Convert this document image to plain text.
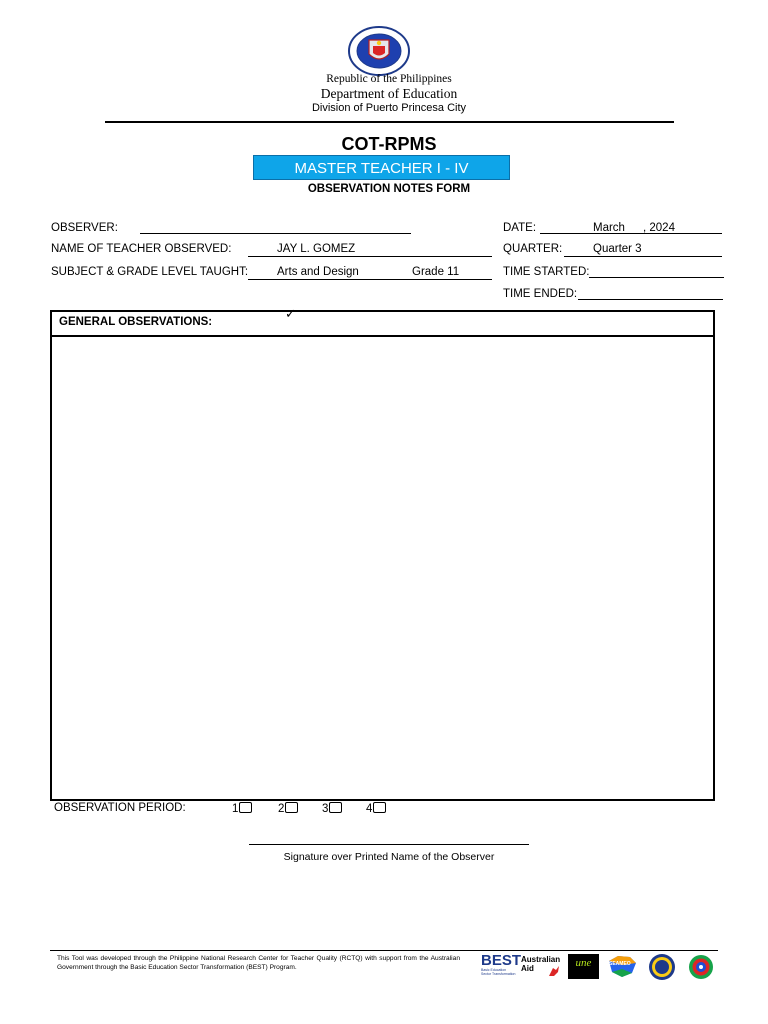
Republic of the Philippines
Department of Education
Division of Puerto Princesa City
COT-RPMS
MASTER TEACHER I - IV
OBSERVATION NOTES FORM
OBSERVER:
NAME OF TEACHER OBSERVED:	JAY L. GOMEZ
SUBJECT & GRADE LEVEL TAUGHT:	Arts and Design	Grade 11
DATE:	March , 2024
QUARTER:	Quarter 3
TIME STARTED:
TIME ENDED:
GENERAL OBSERVATIONS:
✓
OBSERVATION PERIOD:	1	2	3	4
Signature over Printed Name of the Observer
This Tool was developed through the Philippine National Research Center for Teacher Quality (RCTQ) with support from the Australian Government through the Basic Education Sector Transformation (BEST) Program.	BEST
Basic Education Sector Transformation
Australian
Aid	une	SEAMEO
